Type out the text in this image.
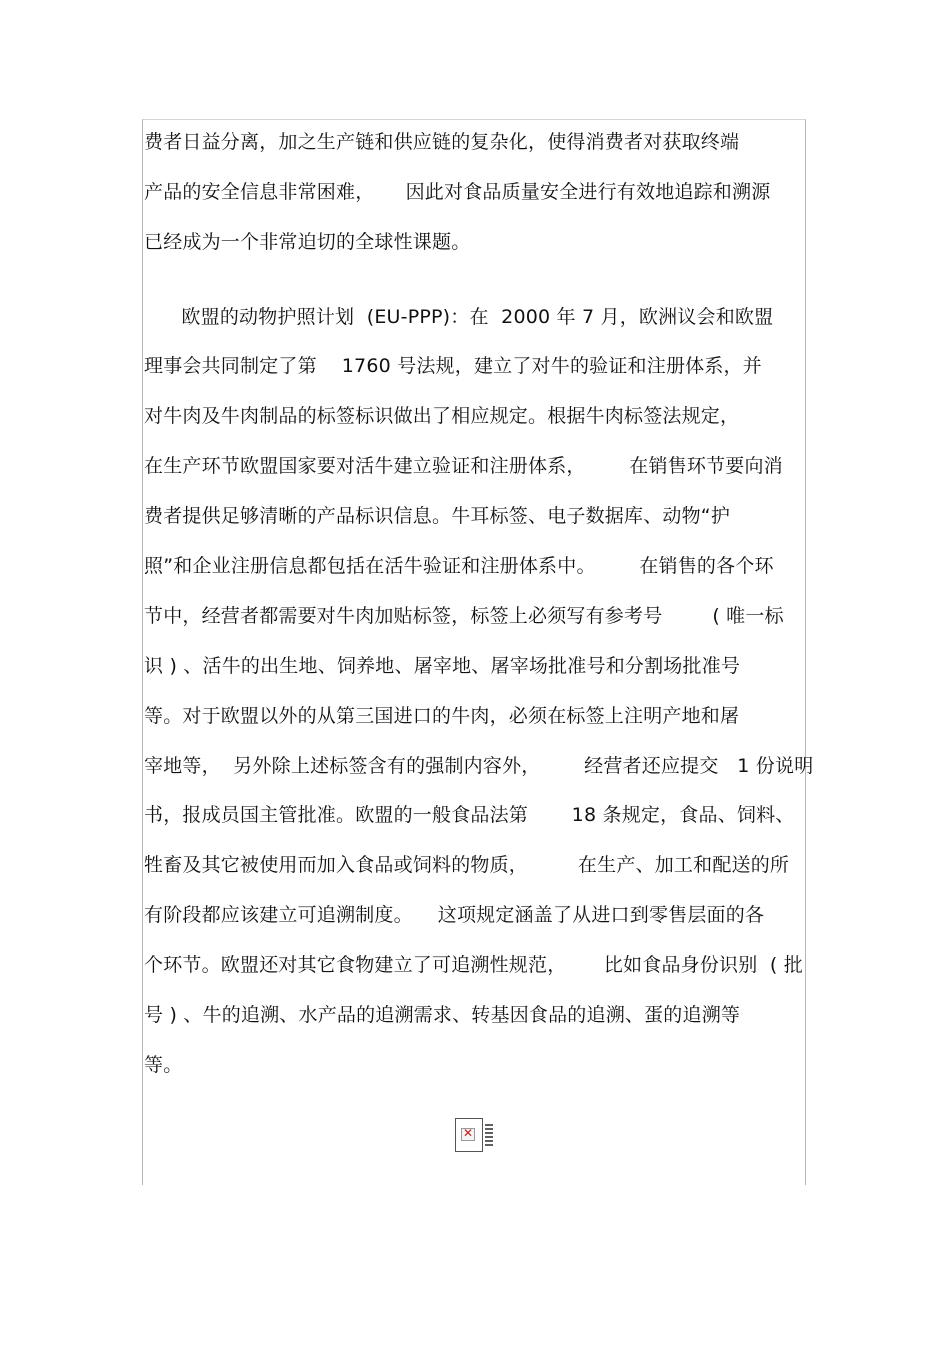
费者日益分离，加之生产链和供应链的复杂化，使得消费者对获取终端
产品的安全信息非常困难，     因此对食品质量安全进行有效地追踪和溯源
已经成为一个非常迫切的全球性课题。
欧盟的动物护照计划  (EU-PPP)：在  2000 年 7 月，欧洲议会和欧盟
理事会共同制定了第    1760 号法规，建立了对牛的验证和注册体系，并
对牛肉及牛肉制品的标签标识做出了相应规定。根据牛肉标签法规定，
在生产环节欧盟国家要对活牛建立验证和注册体系，       在销售环节要向消
费者提供足够清晰的产品标识信息。牛耳标签、电子数据库、动物“护
照”和企业注册信息都包括在活牛验证和注册体系中。       在销售的各个环
节中，经营者都需要对牛肉加贴标签，标签上必须写有参考号        ( 唯一标
识 ) 、活牛的出生地、饲养地、屠宰地、屠宰场批准号和分割场批准号
等。对于欧盟以外的从第三国进口的牛肉，必须在标签上注明产地和屠
宰地等，  另外除上述标签含有的强制内容外，       经营者还应提交   1 份说明
书，报成员国主管批准。欧盟的一般食品法第       18 条规定，食品、饲料、
牲畜及其它被使用而加入食品或饲料的物质，        在生产、加工和配送的所
有阶段都应该建立可追溯制度。    这项规定涵盖了从进口到零售层面的各
个环节。欧盟还对其它食物建立了可追溯性规范，      比如食品身份识别  ( 批
号 ) 、牛的追溯、水产品的追溯需求、转基因食品的追溯、蛋的追溯等
等。
✕
